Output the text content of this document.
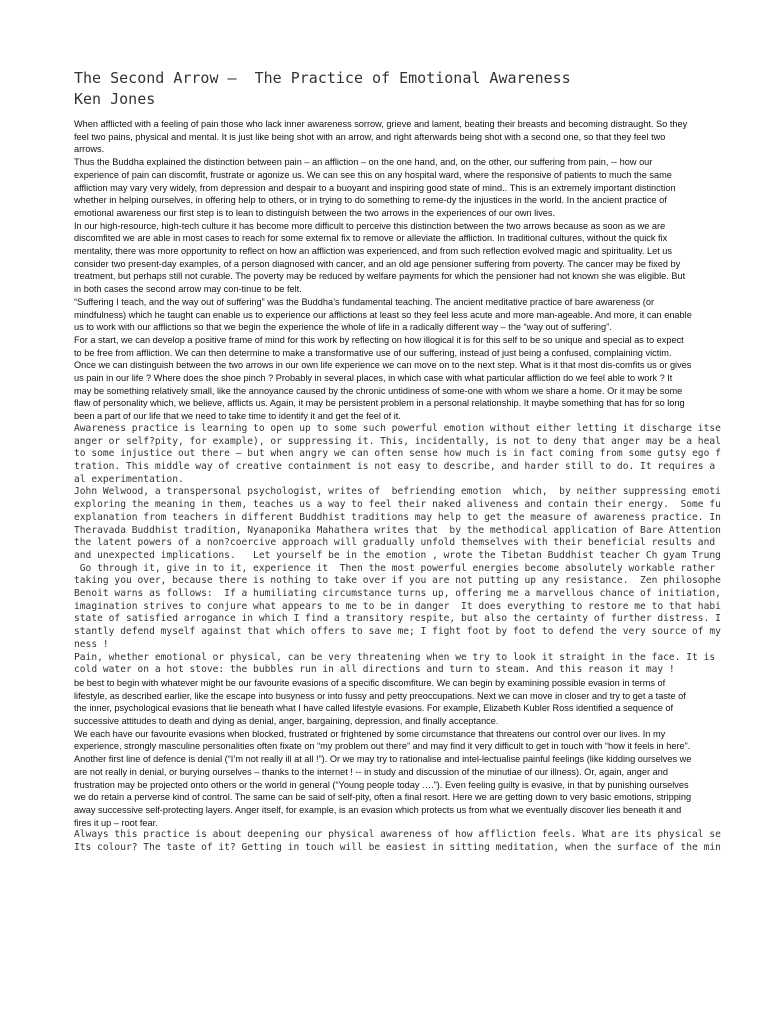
The Second Arrow —  The Practice of Emotional Awareness
Ken Jones

When afflicted with a feeling of pain those who lack inner awareness sorrow, grieve and lament, beating their breasts and becoming distraught. So they feel two pains, physical and mental. It is just like being shot with an arrow, and right afterwards being shot with a second one, so that they feel two arrows.

Thus the Buddha explained the distinction between pain – an affliction – on the one hand, and, on the other, our suffering from pain, -- how our experience of pain can discomfit, frustrate or agonize us. We can see this on any hospital ward, where the responsive of patients to much the same affliction may vary very widely, from depression and despair to a buoyant and inspiring good state of mind.. This is an extremely important distinction whether in helping ourselves, in offering help to others, or in trying to do something to reme-dy the injustices in the world. In the ancient practice of emotional awareness our first step is to lean to distinguish between the two arrows in the experiences of our own lives.

In our high-resource, high-tech culture it has become more difficult to perceive this distinction between the two arrows because as soon as we are discomfited we are able in most cases to reach for some external fix to remove or alleviate the affliction. In traditional cultures, without the quick fix mentality, there was more opportunity to reflect on how an affliction was experienced, and from such reflection evolved magic and spirituality. Let us consider two present-day examples, of a person diagnosed with cancer, and an old age pensioner suffering from poverty. The cancer may be fixed by treatment, but perhaps still not curable. The poverty may be reduced by welfare payments for which the pensioner had not known she was eligible. But in both cases the second arrow may con-tinue to be felt.

“Suffering I teach, and the way out of suffering” was the Buddha’s fundamental teaching. The ancient meditative practice of bare awareness (or mindfulness) which he taught can enable us to experience our afflictions at least so they feel less acute and more man-ageable. And more, it can enable us to work with our afflictions so that we begin the experience the whole of life in a radically different way – the “way out of suffering”.

For a start, we can develop a positive frame of mind for this work by reflecting on how illogical it is for this self to be so unique and special as to expect to be free from affliction. We can then determine to make a transformative use of our suffering, instead of just being a confused, complaining victim.

Once we can distinguish between the two arrows in our own life experience we can move on to the next step. What is it that most dis-comfits us or gives us pain in our life ? Where does the shoe pinch ? Probably in several places, in which case with what particular affliction do we feel able to work ? It may be something relatively small, like the annoyance caused by the chronic untidiness of some-one with whom we share a home. Or it may be some flaw of personality which, we believe, afflicts us. Again, it may be persistent problem in a personal relationship. It maybe something that has for so long been a part of our life that we need to take time to identify it and get the feel of it.

Awareness practice is learning to open up to some such powerful emotion without either letting it discharge itse
anger or self?pity, for example), or suppressing it. This, incidentally, is not to deny that anger may be a heal
to some injustice out there — but when angry we can often sense how much is in fact coming from some gutsy ego f
tration. This middle way of creative containment is not easy to describe, and harder still to do. It requires a
al experimentation.
John Welwood, a transpersonal psychologist, writes of  befriending emotion  which,  by neither suppressing emoti
exploring the meaning in them, teaches us a way to feel their naked aliveness and contain their energy.  Some fu
explanation from teachers in different Buddhist traditions may help to get the measure of awareness practice. In
Theravada Buddhist tradition, Nyanaponika Mahathera writes that  by the methodical application of Bare Attention
the latent powers of a non?coercive approach will gradually unfold themselves with their beneficial results and
and unexpected implications.   Let yourself be in the emotion , wrote the Tibetan Buddhist teacher Ch gyam Trung
Go through it, give in to it, experience it  Then the most powerful energies become absolutely workable rather
taking you over, because there is nothing to take over if you are not putting up any resistance.  Zen philosophe
Benoit warns as follows:  If a humiliating circumstance turns up, offering me a marvellous chance of initiation,
imagination strives to conjure what appears to me to be in danger  It does everything to restore me to that habi
state of satisfied arrogance in which I find a transitory respite, but also the certainty of further distress. I
stantly defend myself against that which offers to save me; I fight foot by foot to defend the very source of my
ness !
Pain, whether emotional or physical, can be very threatening when we try to look it straight in the face. It is
cold water on a hot stove: the bubbles run in all directions and turn to steam. And this reason it may !

be best to begin with whatever might be our favourite evasions of a specific discomfiture. We can begin by examining possible evasion in terms of lifestyle, as described earlier, like the escape into busyness or into fussy and petty preoccupations. Next we can move in closer and try to get a taste of the inner, psychological evasions that lie beneath what I have called lifestyle evasions. For example, Elizabeth Kubler Ross identified a sequence of successive attitudes to death and dying as denial, anger, bargaining, depression, and finally acceptance.

We each have our favourite evasions when blocked, frustrated or frightened by some circumstance that threatens our control over our lives. In my experience, strongly masculine personalities often fixate on “my problem out there” and may find it very difficult to get in touch with “how it feels in here”. Another first line of defence is denial (“I’m not really ill at all !”). Or we may try to rationalise and intel-lectualise painful feelings (like kidding ourselves we are not really in denial, or burying ourselves – thanks to the internet ! -- in study and discussion of the minutiae of our illness). Or, again, anger and frustration may be projected onto others or the world in general (“Young people today ….”). Even feeling guilty is evasive, in that by punishing ourselves we do retain a perverse kind of control. The same can be said of self-pity, often a final resort. Here we are getting down to very basic emotions, stripping away successive self-protecting layers. Anger itself, for example, is an evasion which protects us from what we eventually discover lies beneath it and fires it up – root fear.

Always this practice is about deepening our physical awareness of how affliction feels. What are its physical se
Its colour? The taste of it? Getting in touch will be easiest in sitting meditation, when the surface of the min
